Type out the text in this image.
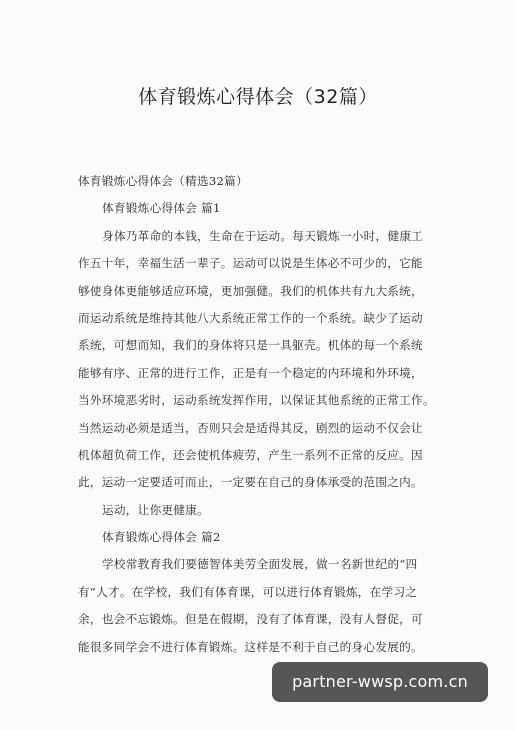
体育锻炼心得体会（32篇）
体育锻炼心得体会（精选32篇）
体育锻炼心得体会 篇1
身体乃革命的本钱，生命在于运动。每天锻炼一小时，健康工
作五十年，幸福生活一辈子。运动可以说是生体必不可少的，它能
够使身体更能够适应环境，更加强健。我们的机体共有九大系统，
而运动系统是维持其他八大系统正常工作的一个系统。缺少了运动
系统，可想而知，我们的身体将只是一具躯壳。机体的每一个系统
能够有序、正常的进行工作，正是有一个稳定的内环境和外环境，
当外环境恶劣时，运动系统发挥作用，以保证其他系统的正常工作。
当然运动必须是适当，否则只会是适得其反，剧烈的运动不仅会让
机体超负荷工作，还会使机体疲劳，产生一系列不正常的反应。因
此，运动一定要适可而止，一定要在自己的身体承受的范围之内。
运动，让你更健康。
体育锻炼心得体会 篇2
学校常教育我们要德智体美劳全面发展，做一名新世纪的“四
有”人才。在学校，我们有体育课，可以进行体育锻炼，在学习之
余，也会不忘锻炼。但是在假期，没有了体育课，没有人督促，可
能很多同学会不进行体育锻炼。这样是不利于自己的身心发展的。
partner-wwsp.com.cn
